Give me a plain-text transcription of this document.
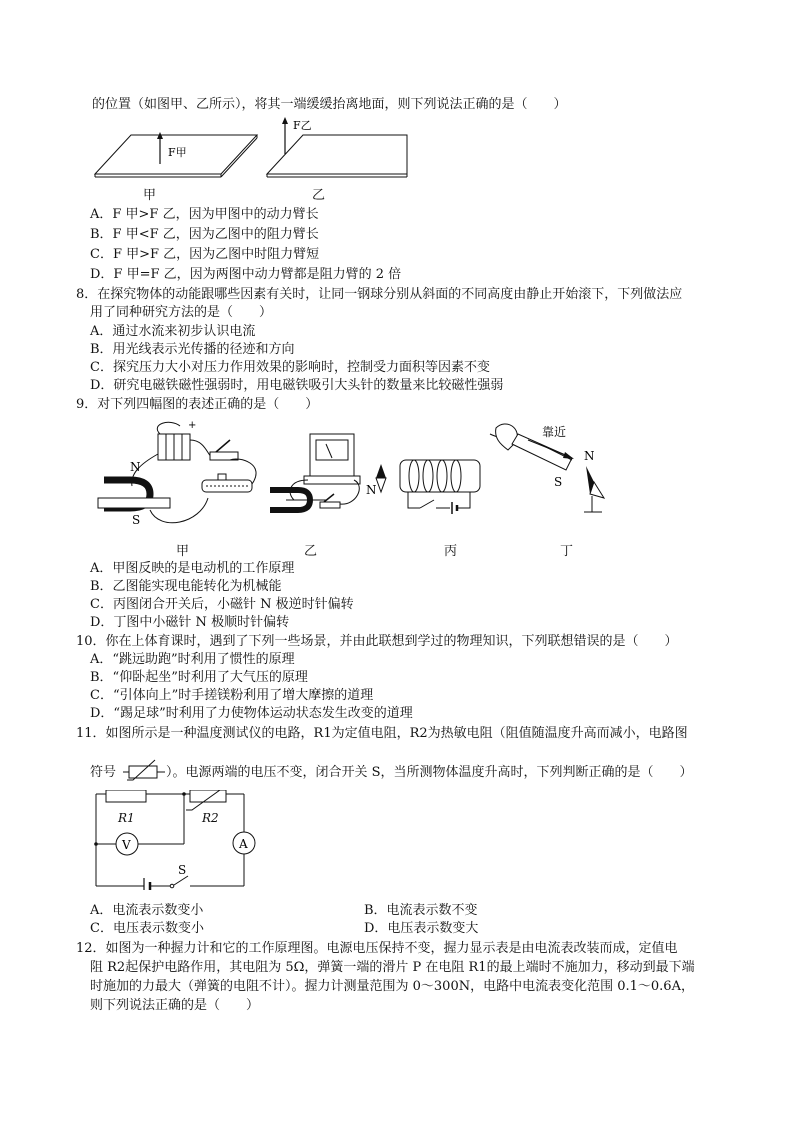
的位置（如图甲、乙所示），将其一端缓缓抬离地面，则下列说法正确的是（　　）
F甲
F乙
甲	乙
A．F 甲>F 乙，因为甲图中的动力臂长
B．F 甲<F 乙，因为乙图中的阻力臂长
C．F 甲>F 乙，因为乙图中时阻力臂短
D．F 甲=F 乙，因为两图中动力臂都是阻力臂的 2 倍
8．在探究物体的动能跟哪些因素有关时，让同一钢球分别从斜面的不同高度由静止开始滚下，下列做法应
用了同种研究方法的是（　　）
A．通过水流来初步认识电流
B．用光线表示光传播的径迹和方向
C．探究压力大小对压力作用效果的影响时，控制受力面积等因素不变
D．研究电磁铁磁性强弱时，用电磁铁吸引大头针的数量来比较磁性强弱
9．对下列四幅图的表述正确的是（　　）
+
N
S
N
靠近
S
N
甲	乙	丙	丁
A．甲图反映的是电动机的工作原理
B．乙图能实现电能转化为机械能
C．丙图闭合开关后，小磁针 N 极逆时针偏转
D．丁图中小磁针 N 极顺时针偏转
10．你在上体育课时，遇到了下列一些场景，并由此联想到学过的物理知识，下列联想错误的是（　　）
A．“跳远助跑”时利用了惯性的原理
B．“仰卧起坐”时利用了大气压的原理
C．“引体向上”时手搓镁粉利用了增大摩擦的道理
D．“踢足球”时利用了力使物体运动状态发生改变的道理
11．如图所示是一种温度测试仪的电路，R1为定值电阻，R2为热敏电阻（阻值随温度升高而减小，电路图
符号	）。电源两端的电压不变，闭合开关 S，当所测物体温度升高时，下列判断正确的是（　　）
A
V
S
R1	R2
A．电流表示数变小	B．电流表示数不变
C．电压表示数变小	D．电压表示数变大
12．如图为一种握力计和它的工作原理图。电源电压保持不变，握力显示表是由电流表改装而成，定值电
阻 R2起保护电路作用，其电阻为 5Ω，弹簧一端的滑片 P 在电阻 R1的最上端时不施加力，移动到最下端
时施加的力最大（弹簧的电阻不计）。握力计测量范围为 0～300N，电路中电流表变化范围 0.1～0.6A，
则下列说法正确的是（　　）
